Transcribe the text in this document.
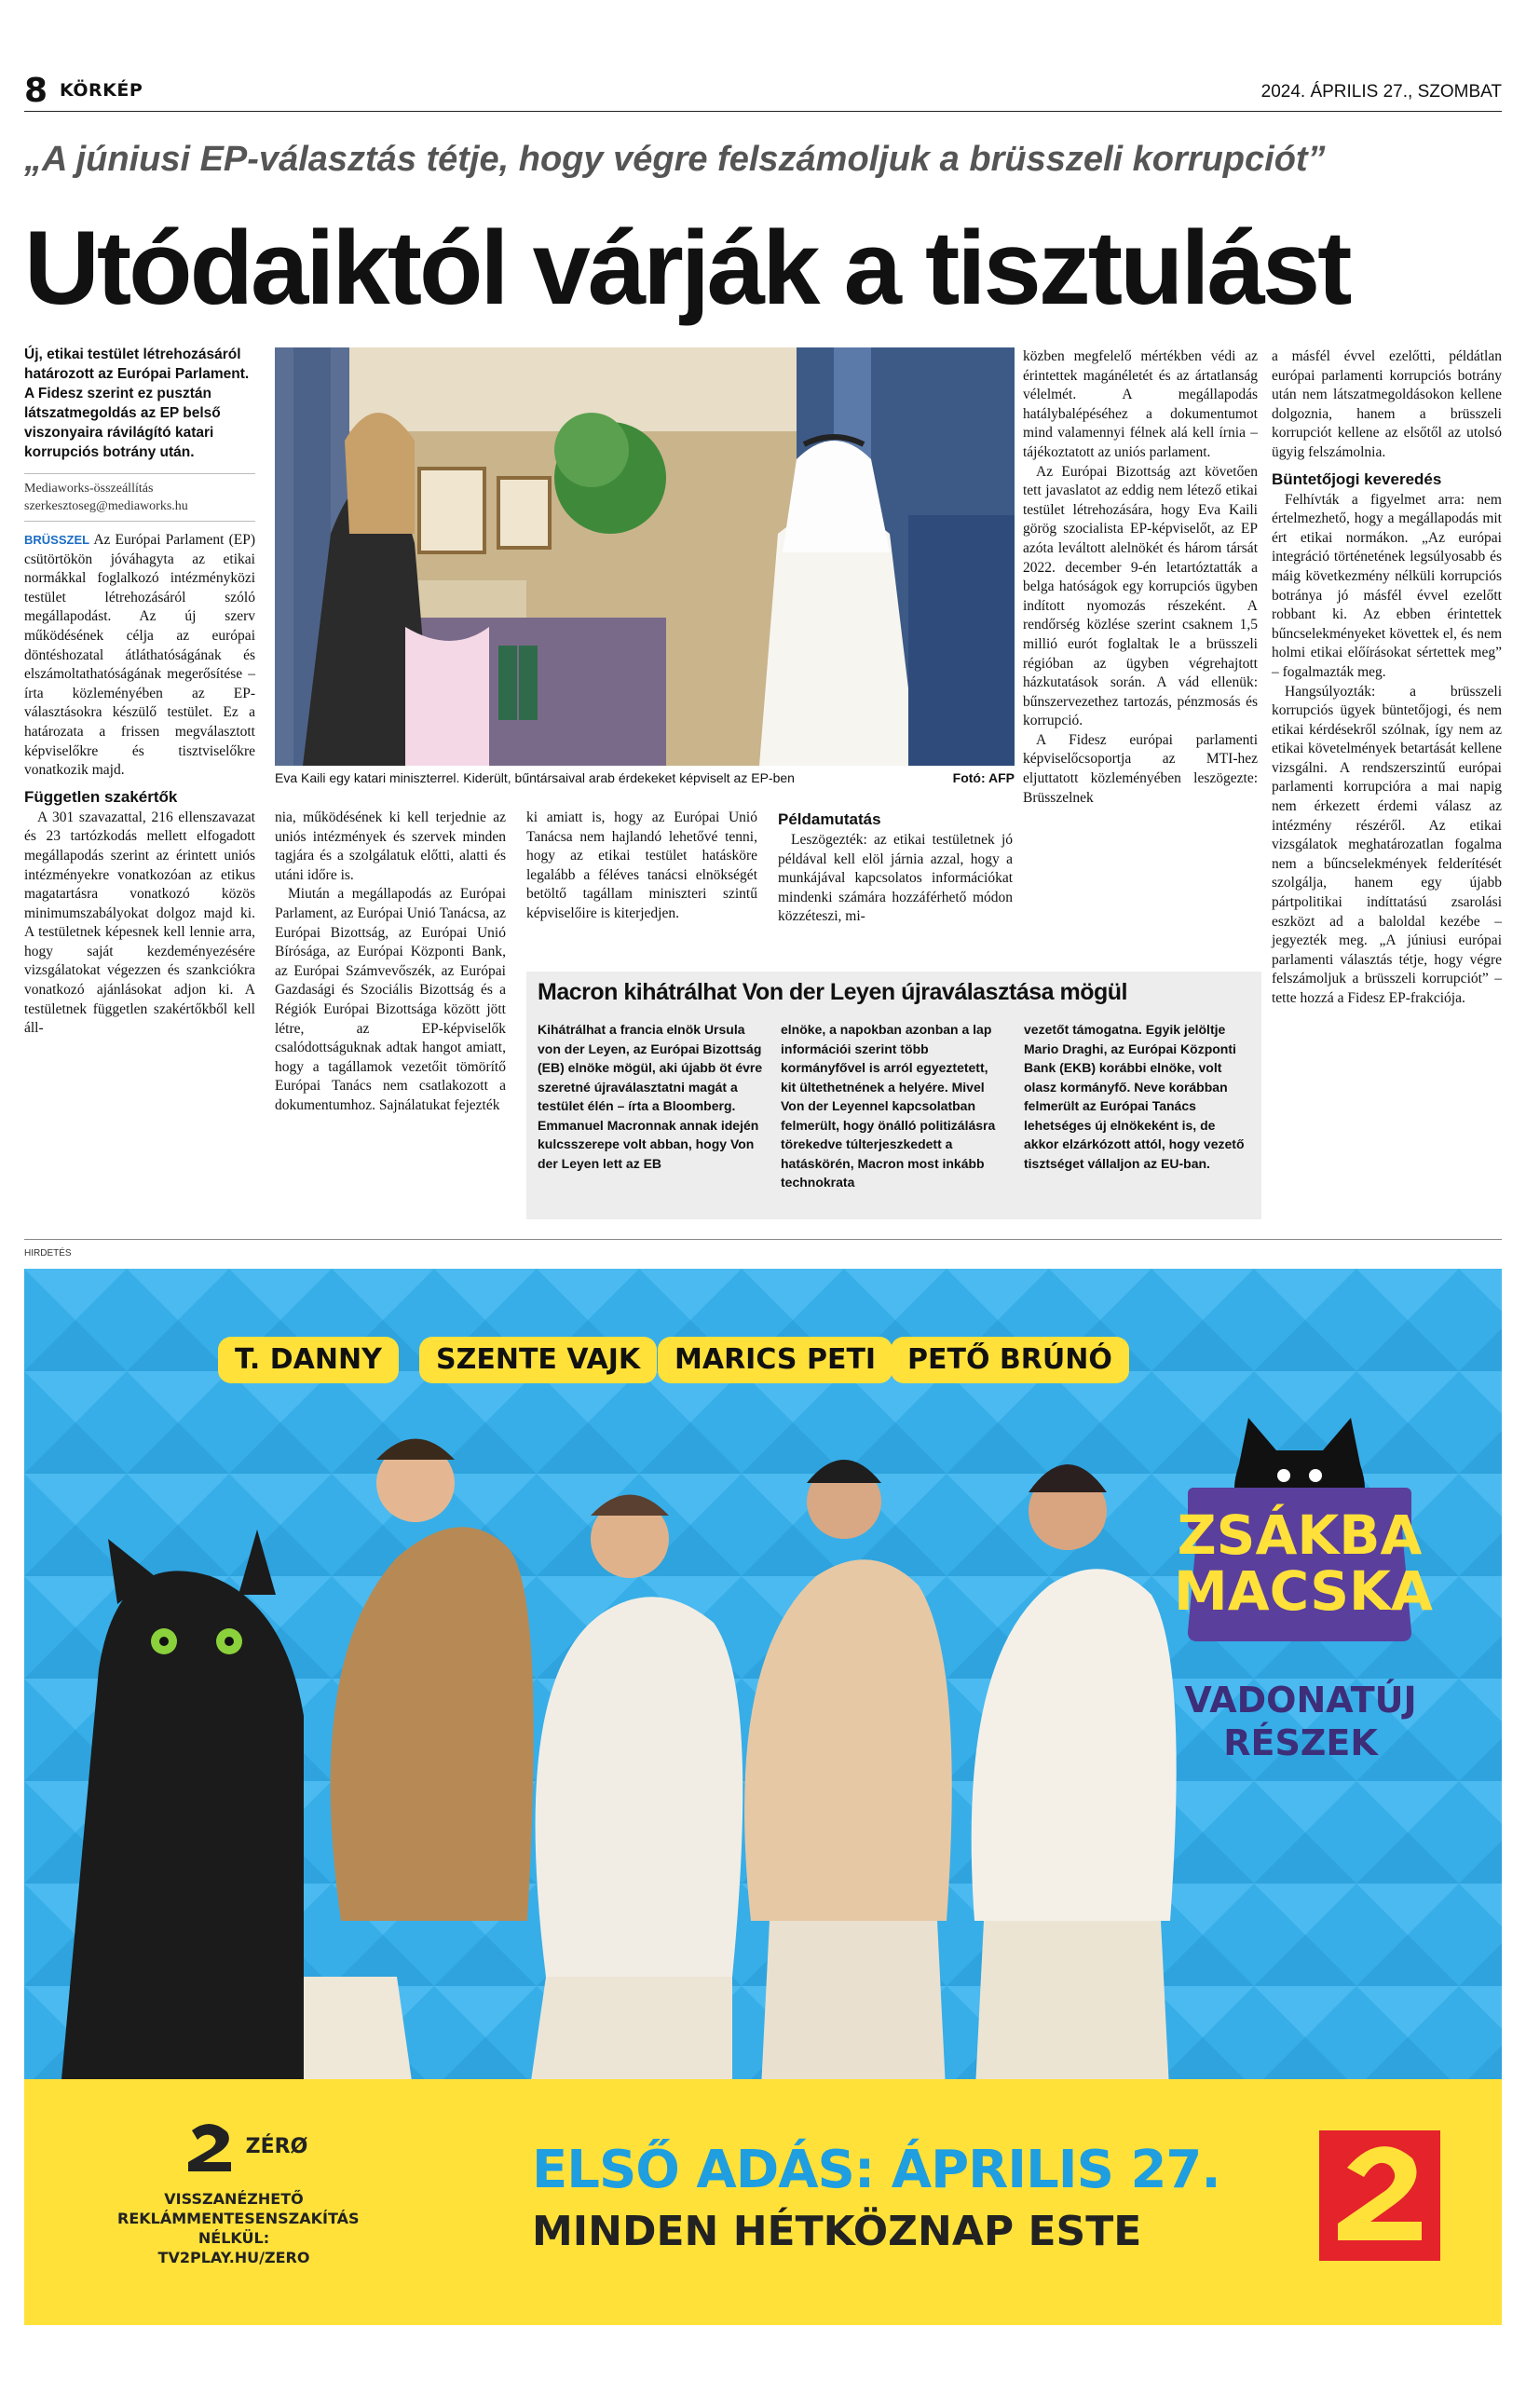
8 KÖRKÉP	2024. ÁPRILIS 27., SZOMBAT
„A júniusi EP-választás tétje, hogy végre felszámoljuk a brüsszeli korrupciót”
Utódaiktól várják a tisztulást
Új, etikai testület létrehozásáról határozott az Európai Parlament. A Fidesz szerint ez pusztán látszatmegoldás az EP belső viszonyaira rávilágító katari korrupciós botrány után.
Mediaworks-összeállítás
szerkesztoseg@mediaworks.hu

BRÜSSZEL Az Európai Parlament (EP) csütörtökön jóváhagyta az etikai normákkal foglalkozó intézményközi testület létrehozásáról szóló megállapodást. Az új szerv működésének célja az európai döntéshozatal átláthatóságának és elszámoltathatóságának megerősítése – írta közleményében az EP-választásokra készülő testület. Ez a határozata a frissen megválasztott képviselőkre és tisztviselőkre vonatkozik majd.

Független szakértők

A 301 szavazattal, 216 ellenszavazat és 23 tartózkodás mellett elfogadott megállapodás szerint az érintett uniós intézményekre vonatkozóan az etikus magatartásra vonatkozó közös minimumszabályokat dolgoz majd ki. A testületnek képesnek kell lennie arra, hogy saját kezdeményezésére vizsgálatokat végezzen és szankciókra vonatkozó ajánlásokat adjon ki. A testületnek független szakértőkből kell áll-

Eva Kaili egy katari miniszterrel. Kiderült, bűntársaival arab érdekeket képviselt az EP-ben	Fotó: AFP

nia, működésének ki kell terjednie az uniós intézmények és szervek minden tagjára és a szolgálatuk előtti, alatti és utáni időre is.

Miután a megállapodás az Európai Parlament, az Európai Unió Tanácsa, az Európai Bizottság, az Európai Unió Bírósága, az Európai Központi Bank, az Európai Számvevőszék, az Európai Gazdasági és Szociális Bizottság és a Régiók Európai Bizottsága között jött létre, az EP-képviselők csalódottságuknak adtak hangot amiatt, hogy a tagállamok vezetőit tömörítő Európai Tanács nem csatlakozott a dokumentumhoz. Sajnálatukat fejezték

ki amiatt is, hogy az Európai Unió Tanácsa nem hajlandó lehetővé tenni, hogy az etikai testület hatásköre legalább a féléves tanácsi elnökségét betöltő tagállam miniszteri szintű képviselőire is kiterjedjen.

közben megfelelő mértékben védi az érintettek magánéletét és az ártatlanság vélelmét. A megállapodás hatálybalépéséhez a dokumentumot mind valamennyi félnek alá kell írnia – tájékoztatott az uniós parlament.

Az Európai Bizottság azt követően tett javaslatot az eddig nem létező etikai testület létrehozására, hogy Eva Kaili görög szocialista EP-képviselőt, az EP azóta leváltott alelnökét és három társát 2022. december 9-én letartóztatták a belga hatóságok egy korrupciós ügyben indított nyomozás részeként. A rendőrség közlése szerint csaknem 1,5 millió eurót foglaltak le a brüsszeli régióban az ügyben végrehajtott házkutatások során. A vád ellenük: bűnszervezethez tartozás, pénzmosás és korrupció.

A Fidesz európai parlamenti képviselőcsoportja az MTI-hez eljuttatott közleményében leszögezte: Brüsszelnek

Példamutatás

Leszögezték: az etikai testületnek jó példával kell elöl járnia azzal, hogy a munkájával kapcsolatos információkat mindenki számára hozzáférhető módon közzéteszi, mi-

a másfél évvel ezelőtti, példátlan európai parlamenti korrupciós botrány után nem látszatmegoldásokon kellene dolgoznia, hanem a brüsszeli korrupciót kellene az elsőtől az utolsó ügyig felszámolnia.

Büntetőjogi keveredés

Felhívták a figyelmet arra: nem értelmezhető, hogy a megállapodás mit ért etikai normákon. „Az európai integráció történetének legsúlyosabb és máig következmény nélküli korrupciós botránya jó másfél évvel ezelőtt robbant ki. Az ebben érintettek bűncselekményeket követtek el, és nem holmi etikai előírásokat sértettek meg” – fogalmazták meg.

Hangsúlyozták: a brüsszeli korrupciós ügyek büntetőjogi, és nem etikai kérdésekről szólnak, így nem az etikai követelmények betartását kellene vizsgálni. A rendszerszintű európai parlamenti korrupcióra a mai napig nem érkezett érdemi válasz az intézmény részéről. Az etikai vizsgálatok meghatározatlan fogalma nem a bűncselekmények felderítését szolgálja, hanem egy újabb pártpolitikai indíttatású zsarolási eszközt ad a baloldal kezébe – jegyezték meg. „A júniusi európai parlamenti választás tétje, hogy végre felszámoljuk a brüsszeli korrupciót” – tette hozzá a Fidesz EP-frakciója.

Macron kihátrálhat Von der Leyen újraválasztása mögül
Kihátrálhat a francia elnök Ursula von der Leyen, az Európai Bizottság (EB) elnöke mögül, aki újabb öt évre szeretné újraválasztatni magát a testület élén – írta a Bloomberg. Emmanuel Macronnak annak idején kulcsszerepe volt abban, hogy Von der Leyen lett az EB
elnöke, a napokban azonban a lap információi szerint több kormányfővel is arról egyeztetett, kit ültethetnének a helyére. Mivel Von der Leyennel kapcsolatban felmerült, hogy önálló politizálásra törekedve túlterjeszkedett a hatáskörén, Macron most inkább technokrata
vezetőt támogatna. Egyik jelöltje Mario Draghi, az Európai Központi Bank (EKB) korábbi elnöke, volt olasz kormányfő. Neve korábban felmerült az Európai Tanács lehetséges új elnökeként is, de akkor elzárkózott attól, hogy vezető tisztséget vállaljon az EU-ban.
HIRDETÉS
T. DANNY	SZENTE VAJK	MARICS PETI	PETŐ BRÚNÓ
ZSÁKBA
MACSKA
VADONATÚJ
RÉSZEK
ZÉRØ
VISSZANÉZHETŐ
REKLÁMMENTESENSZAKÍTÁS NÉLKÜL:
TV2PLAY.HU/ZERO
ELSŐ ADÁS: ÁPRILIS 27.
MINDEN HÉTKÖZNAP ESTE
